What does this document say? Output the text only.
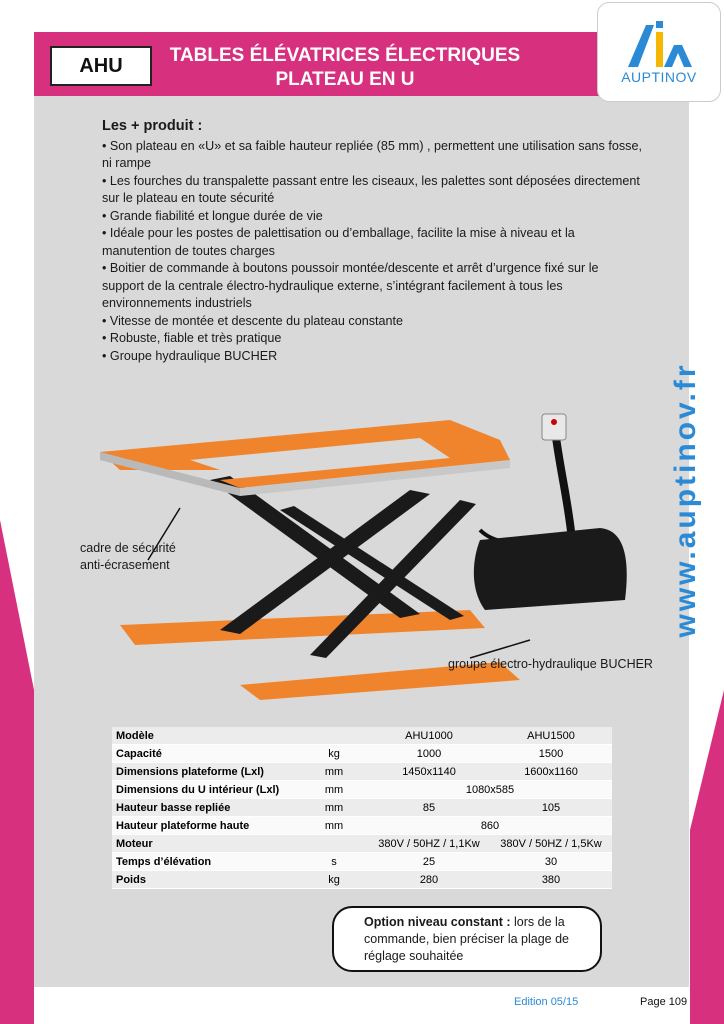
AHU	TABLES ÉLÉVATRICES ÉLECTRIQUES
PLATEAU EN U	AUPTINOV
www.auptinov.fr
Les + produit :

• Son plateau en «U» et sa faible hauteur repliée (85 mm) , permettent une utilisation sans fosse, ni rampe

• Les fourches du transpalette passant entre les ciseaux, les palettes sont déposées directement sur le plateau en toute sécurité

• Grande fiabilité et longue durée de vie

• Idéale pour les postes de palettisation ou d’emballage, facilite la mise à niveau et la manutention de toutes charges

• Boitier de commande à boutons poussoir montée/descente et arrêt d’urgence fixé sur le support de la centrale électro-hydraulique externe, s’intégrant facilement à tous les environnements industriels

• Vitesse de montée et descente du plateau constante

• Robuste, fiable et très pratique

• Groupe hydraulique BUCHER

cadre de sécurité
anti-écrasement
groupe électro-hydraulique BUCHER
Modèle		AHU1000	AHU1500
Capacité	kg	1000	1500
Dimensions plateforme (Lxl)	mm	1450x1140	1600x1160
Dimensions du U intérieur (Lxl)	mm	1080x585	
Hauteur basse repliée	mm	85	105
Hauteur plateforme haute	mm	860	
Moteur		380V / 50HZ / 1,1Kw	380V / 50HZ / 1,5Kw
Temps d’élévation	s	25	30
Poids	kg	280	380
Option niveau constant : lors de la commande, bien préciser la plage de réglage souhaitée
Edition 05/15	Page 109
